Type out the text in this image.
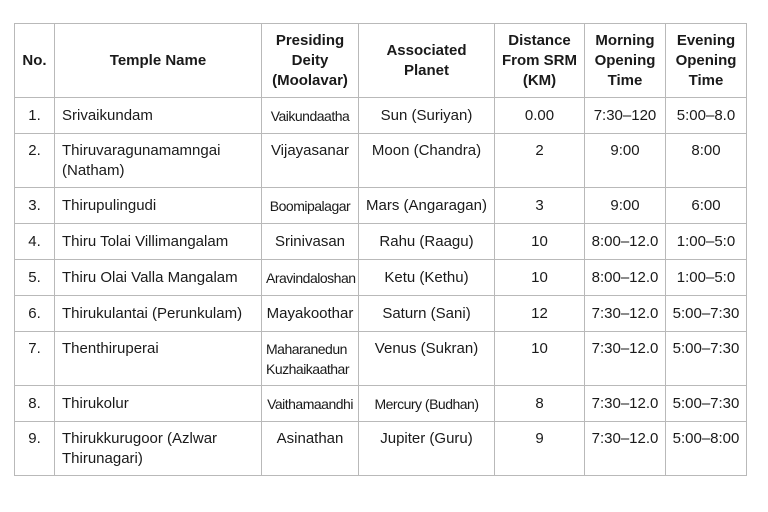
No.	Temple Name	Presiding Deity (Moolavar)	Associated Planet	Distance From SRM (KM)	Morning Opening Time	Evening Opening Time
1.	Srivaikundam	Vaikundaatha	Sun (Suriyan)	0.00	7:30–120	5:00–8.0
2.	Thiruvaragunamamngai (Natham)	Vijayasanar	Moon (Chandra)	2	9:00	8:00
3.	Thirupulingudi	Boomipalagar	Mars (Angaragan)	3	9:00	6:00
4.	Thiru Tolai Villimangalam	Srinivasan	Rahu (Raagu)	10	8:00–12.0	1:00–5:0
5.	Thiru Olai Valla Mangalam	Aravindaloshan	Ketu (Kethu)	10	8:00–12.0	1:00–5:0
6.	Thirukulantai (Perunkulam)	Mayakoothar	Saturn (Sani)	12	7:30–12.0	5:00–7:30
7.	Thenthiruperai	Maharanedun Kuzhaikaathar	Venus (Sukran)	10	7:30–12.0	5:00–7:30
8.	Thirukolur	Vaithamaandhi	Mercury (Budhan)	8	7:30–12.0	5:00–7:30
9.	Thirukkurugoor (Azlwar Thirunagari)	Asinathan	Jupiter (Guru)	9	7:30–12.0	5:00–8:00
